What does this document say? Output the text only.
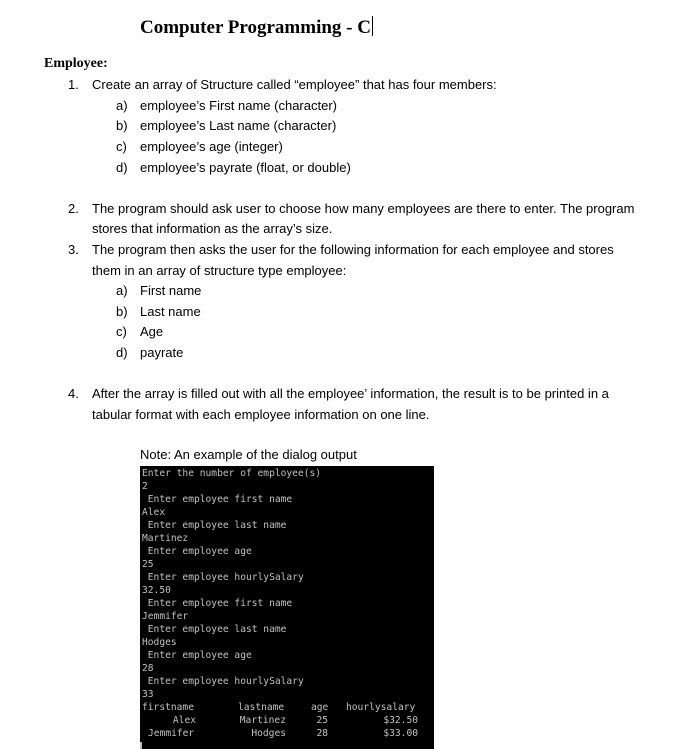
Computer Programming - C
Employee:
1. Create an array of Structure called “employee” that has four members:
a) employee’s First name (character)
b) employee’s Last name (character)
c) employee’s age (integer)
d) employee’s payrate (float, or double)
2. The program should ask user to choose how many employees are there to enter. The program
stores that information as the array’s size.
3. The program then asks the user for the following information for each employee and stores
them in an array of structure type employee:
a) First name
b) Last name
c) Age
d) payrate
4. After the array is filled out with all the employee’ information, the result is to be printed in a
tabular format with each employee information on one line.
Note: An example of the dialog output
Enter the number of employee(s)
2
Enter employee first name
Alex
Enter employee last name
Martinez
Enter employee age
25
Enter employee hourlySalary
32.50
Enter employee first name
Jemmifer
Enter employee last name
Hodges
Enter employee age
28
Enter employee hourlySalary
33
firstname	lastname	age hourlysalary
Alex	Martinez	25	$32.50
Jemmifer	Hodges	28	$33.00
